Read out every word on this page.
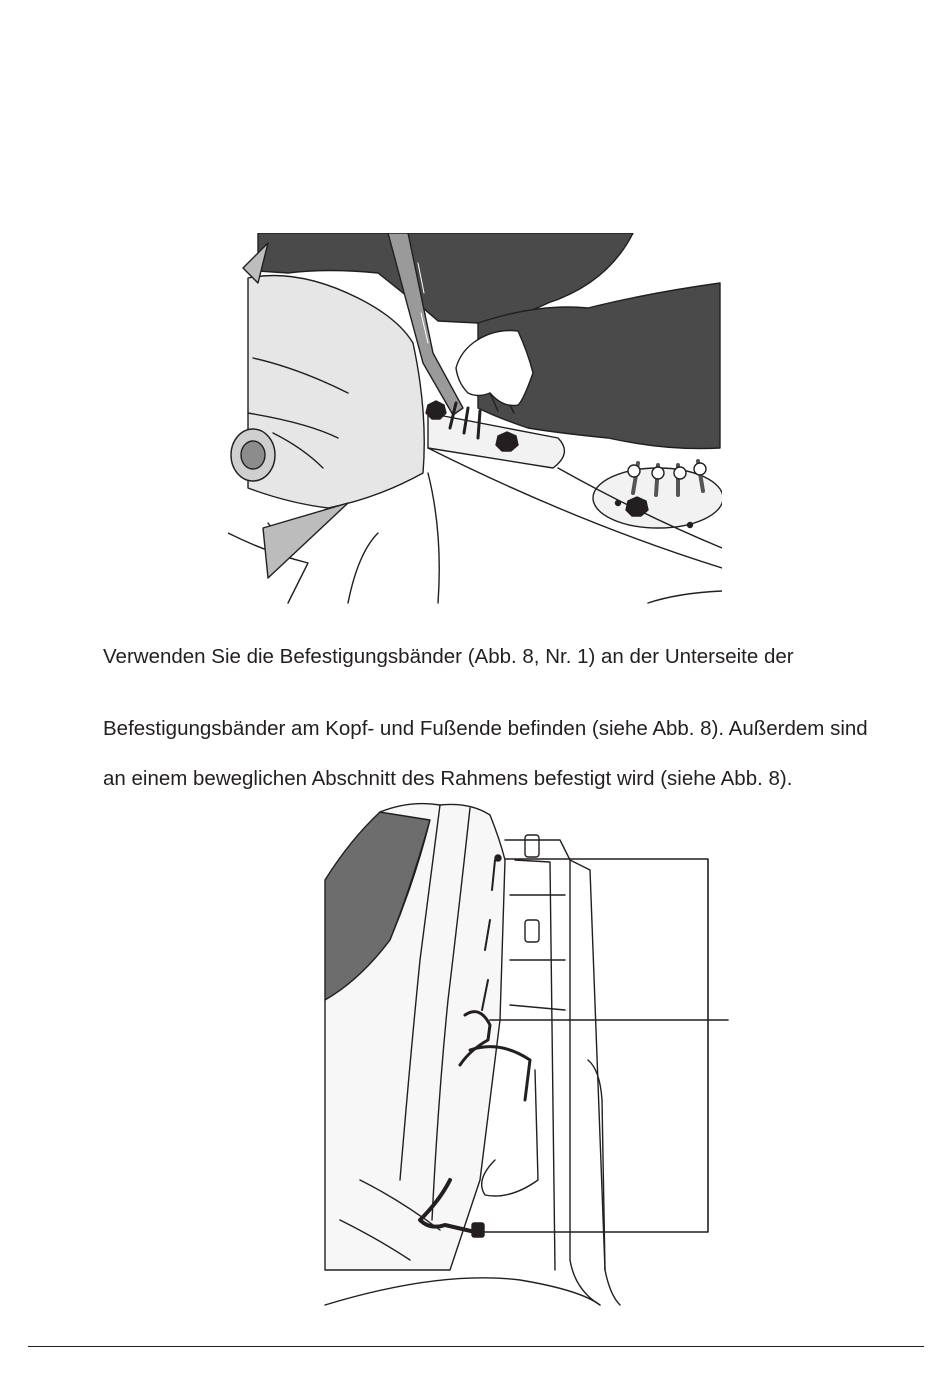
Verwenden Sie die Befestigungsbänder (Abb. 8, Nr. 1) an der Unterseite der

Befestigungsbänder am Kopf- und Fußende befinden (siehe Abb. 8). Außerdem sind

an einem beweglichen Abschnitt des Rahmens befestigt wird (siehe Abb. 8).
